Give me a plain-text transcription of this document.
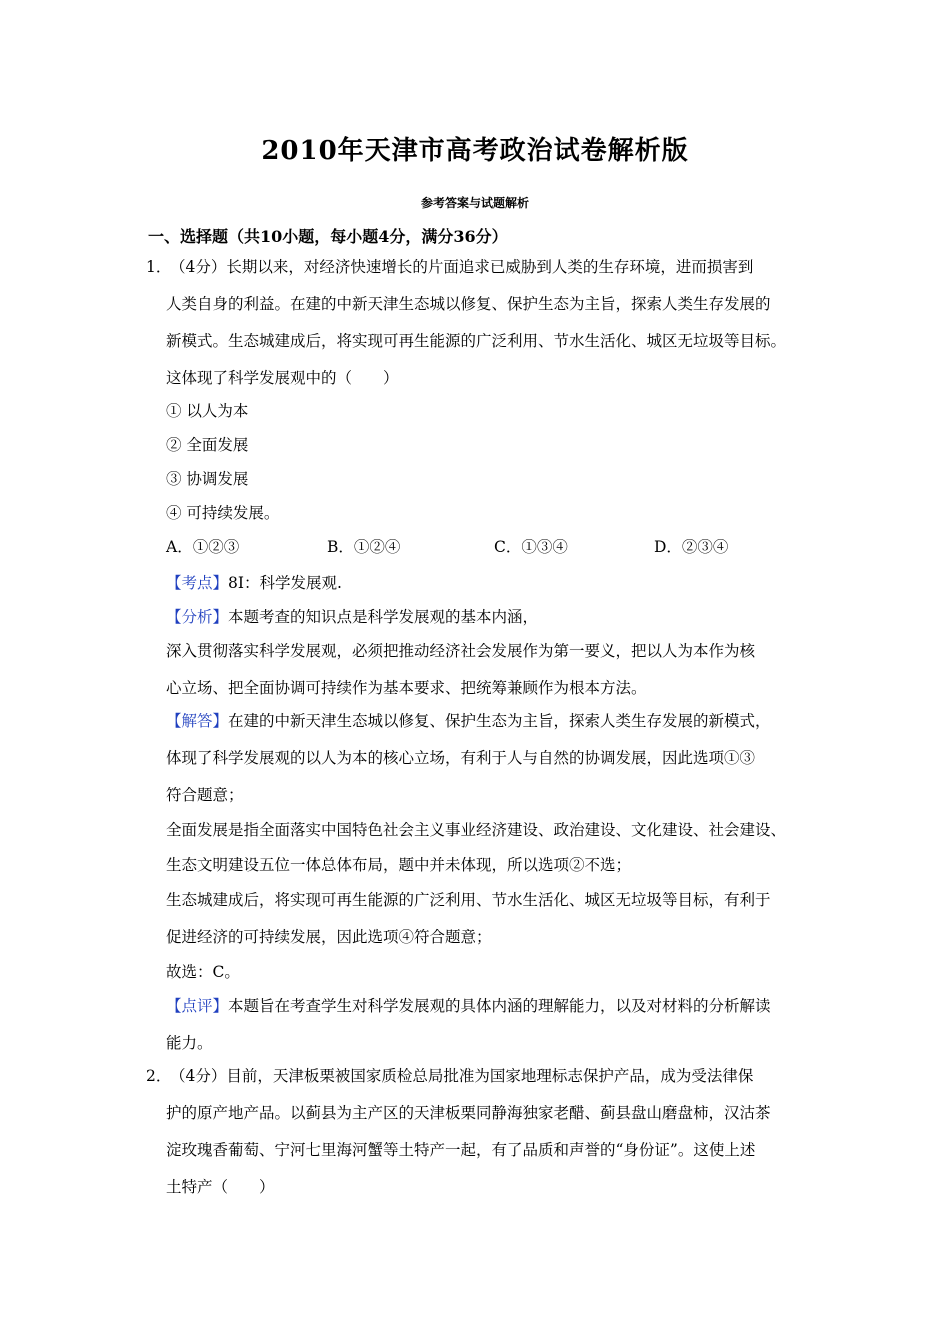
2010年天津市高考政治试卷解析版
参考答案与试题解析
一、选择题（共10小题，每小题4分，满分36分）
1．
（4分）长期以来，对经济快速增长的片面追求已威胁到人类的生存环境，进而损害到
人类自身的利益。在建的中新天津生态城以修复、保护生态为主旨，探索人类生存发展的
新模式。生态城建成后，将实现可再生能源的广泛利用、节水生活化、城区无垃圾等目标。
这体现了科学发展观中的（　　）
① 以人为本
② 全面发展
③ 协调发展
④ 可持续发展。
A．①②③	B．①②④	C．①③④	D．②③④
【考点】8I：科学发展观.
【分析】本题考查的知识点是科学发展观的基本内涵，
深入贯彻落实科学发展观，必须把推动经济社会发展作为第一要义，把以人为本作为核
心立场、把全面协调可持续作为基本要求、把统筹兼顾作为根本方法。
【解答】在建的中新天津生态城以修复、保护生态为主旨，探索人类生存发展的新模式，
体现了科学发展观的以人为本的核心立场，有利于人与自然的协调发展，因此选项①③
符合题意；
全面发展是指全面落实中国特色社会主义事业经济建设、政治建设、文化建设、社会建设、
生态文明建设五位一体总体布局，题中并未体现，所以选项②不选；
生态城建成后，将实现可再生能源的广泛利用、节水生活化、城区无垃圾等目标，有利于
促进经济的可持续发展，因此选项④符合题意；
故选：C。
【点评】本题旨在考查学生对科学发展观的具体内涵的理解能力，以及对材料的分析解读
能力。
2．
（4分）目前，天津板栗被国家质检总局批准为国家地理标志保护产品，成为受法律保
护的原产地产品。以蓟县为主产区的天津板栗同静海独家老醋、蓟县盘山磨盘柿，汉沽茶
淀玫瑰香葡萄、宁河七里海河蟹等土特产一起，有了品质和声誉的“身份证”。这使上述
土特产（　　）
